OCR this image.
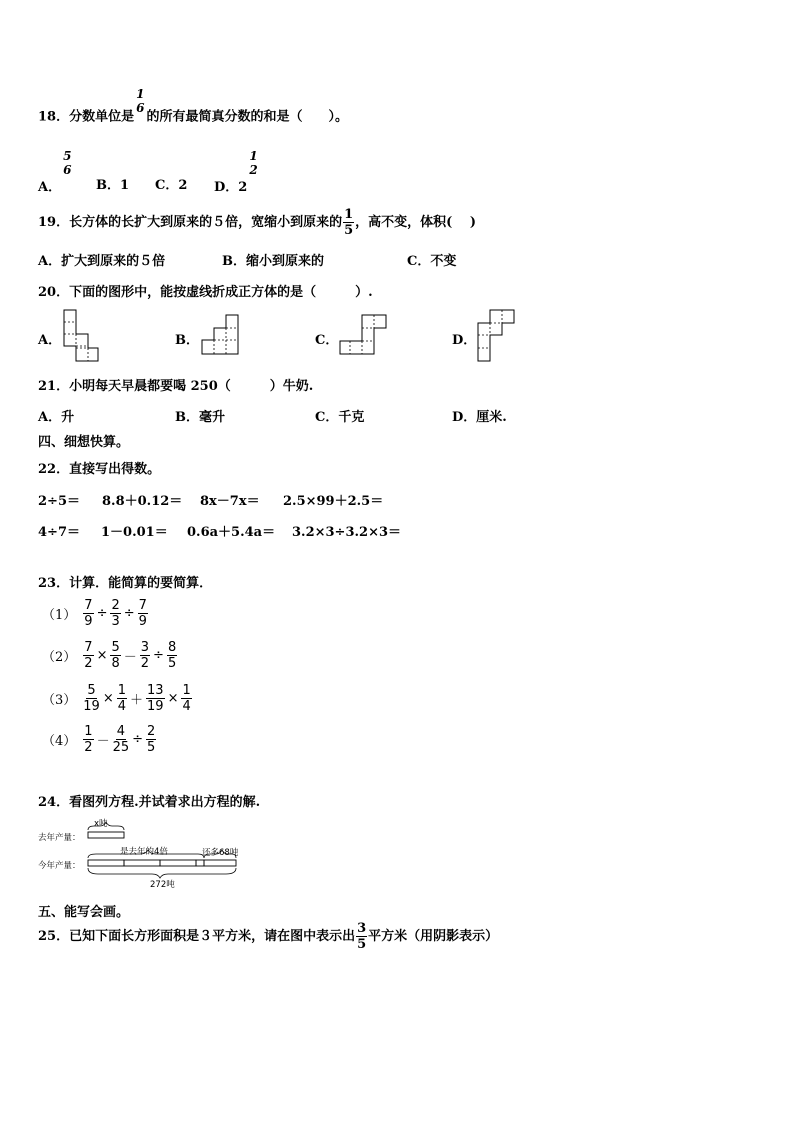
18．分数单位是
1
6
的所有最简真分数的和是（　　）。
A．
5
6
B．1 C．2 D．2
1
2
19．长方体的长扩大到原来的５倍，宽缩小到原来的 $\frac{1}{5}$ ，高不变，体积(　 )
A．扩大到原来的５倍	B．缩小到原来的	C．不变
20．下面的图形中，能按虚线折成正方体的是（　　　）.
A．	B．	C．	D．
21．小明每天早晨都要喝 250（　　　）牛奶.
A．升	B．毫升	C．千克	D．厘米.
四、细想快算。
22．直接写出得数。
2÷5＝ 8.8＋0.12＝ 8x－7x＝ 2.5×99＋2.5＝
4÷7＝ 1－0.01＝ 0.6a＋5.4a＝ 3.2×3÷3.2×3＝
23．计算．能简算的要简算．
$(1) \frac{7}{9} \div \frac{2}{3} \div \frac{7}{9}$
$(2) \frac{7}{2} \times \frac{5}{8} - \frac{3}{2} \div \frac{8}{5}$
$(3) \frac{5}{19} \times \frac{1}{4} + \frac{13}{19} \times \frac{1}{4}$
$(4) \frac{1}{2} - \frac{4}{25} \div \frac{2}{5}$
24．看图列方程.并试着求出方程的解.
去年产量：
x吨
今年产量：
是去年的4倍	还多68吨
272吨
五、能写会画。
25．已知下面长方形面积是３平方米，请在图中表示出 $\frac{3}{5}$ 平方米（用阴影表示）
